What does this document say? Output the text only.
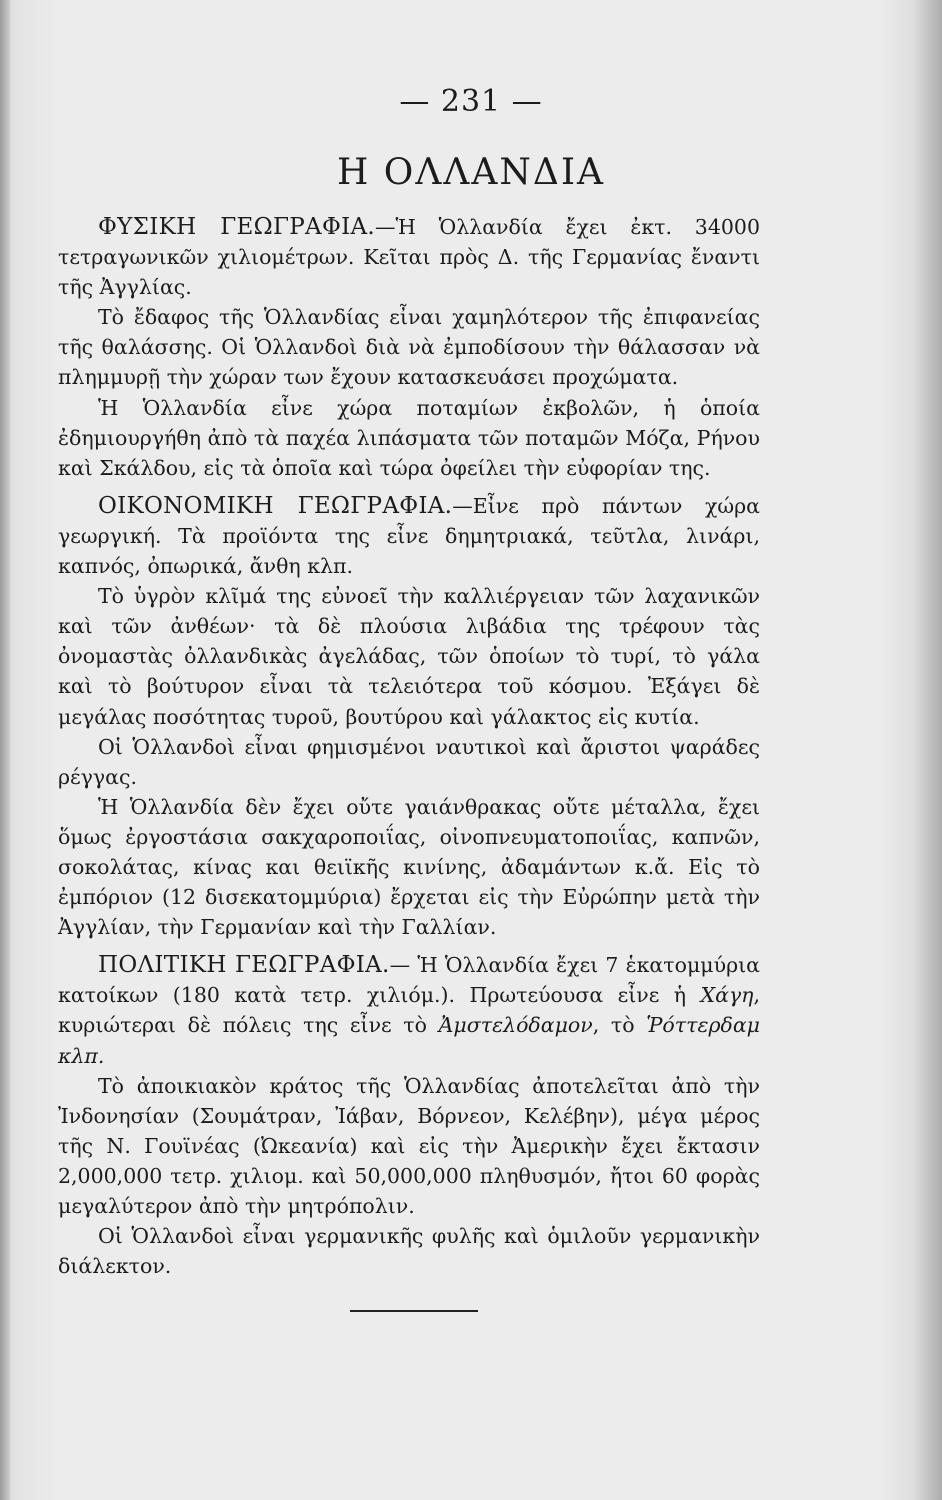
— 231 —
Η ΟΛΛΑΝΔΙΑ

ΦΥΣΙΚΗ ΓΕΩΓΡΑΦΙΑ.—Ἡ Ὁλλανδία ἔχει ἐκτ. 34000 τετραγωνικῶν χιλιομέτρων. Κεῖται πρὸς Δ. τῆς Γερμανίας ἔναντι τῆς Ἀγγλίας.

Τὸ ἔδαφος τῆς Ὁλλανδίας εἶναι χαμηλότερον τῆς ἐπιφανείας τῆς θαλάσσης. Οἱ Ὁλλανδοὶ διὰ νὰ ἐμποδίσουν τὴν θάλασσαν νὰ πλημμυρῇ τὴν χώραν των ἔχουν κατασκευάσει προχώματα.

Ἡ Ὁλλανδία εἶνε χώρα ποταμίων ἐκβολῶν, ἡ ὁποία ἐδημιουργήθη ἀπὸ τὰ παχέα λιπάσματα τῶν ποταμῶν Μόζα, Ρήνου καὶ Σκάλδου, εἰς τὰ ὁποῖα καὶ τώρα ὀφείλει τὴν εὐφορίαν της.

ΟΙΚΟΝΟΜΙΚΗ ΓΕΩΓΡΑΦΙΑ.—Εἶνε πρὸ πάντων χώρα γεωργική. Τὰ προϊόντα της εἶνε δημητριακά, τεῦτλα, λινάρι, καπνός, ὀπωρικά, ἄνθη κλπ.

Τὸ ὑγρὸν κλῖμά της εὐνοεῖ τὴν καλλιέργειαν τῶν λαχανικῶν καὶ τῶν ἀνθέων· τὰ δὲ πλούσια λιβάδια της τρέφουν τὰς ὀνομαστὰς ὀλλανδικὰς ἀγελάδας, τῶν ὁποίων τὸ τυρί, τὸ γάλα καὶ τὸ βούτυρον εἶναι τὰ τελειότερα τοῦ κόσμου. Ἐξάγει δὲ μεγάλας ποσότητας τυροῦ, βουτύρου καὶ γάλακτος εἰς κυτία.

Οἱ Ὁλλανδοὶ εἶναι φημισμένοι ναυτικοὶ καὶ ἄριστοι ψαράδες ρέγγας.

Ἡ Ὁλλανδία δὲν ἔχει οὔτε γαιάνθρακας οὔτε μέταλλα, ἔχει ὅμως ἐργοστάσια σακχαροποιΐας, οἰνοπνευματοποιΐας, καπνῶν, σοκολάτας, κίνας και θειϊκῆς κινίνης, ἀδαμάντων κ.ἄ. Εἰς τὸ ἐμπόριον (12 δισεκατομμύρια) ἔρχεται εἰς τὴν Εὐρώπην μετὰ τὴν Ἀγγλίαν, τὴν Γερμανίαν καὶ τὴν Γαλλίαν.

ΠΟΛΙΤΙΚΗ ΓΕΩΓΡΑΦΙΑ.— Ἡ Ὁλλανδία ἔχει 7 ἑκατομμύρια κατοίκων (180 κατὰ τετρ. χιλιόμ.). Πρωτεύουσα εἶνε ἡ Χάγη, κυριώτεραι δὲ πόλεις της εἶνε τὸ Ἀμστελόδαμον, τὸ Ῥόττερδαμ κλπ.

Τὸ ἀποικιακὸν κράτος τῆς Ὁλλανδίας ἀποτελεῖται ἀπὸ τὴν Ἰνδονησίαν (Σουμάτραν, Ἰάβαν, Βόρνεον, Κελέβην), μέγα μέρος τῆς Ν. Γουϊνέας (Ὠκεανία) καὶ εἰς τὴν Ἀμερικὴν ἔχει ἔκτασιν 2,000,000 τετρ. χιλιομ. καὶ 50,000,000 πληθυσμόν, ἤτοι 60 φορὰς μεγαλύτερον ἀπὸ τὴν μητρόπολιν.

Οἱ Ὁλλανδοὶ εἶναι γερμανικῆς φυλῆς καὶ ὁμιλοῦν γερμανικὴν διάλεκτον.
